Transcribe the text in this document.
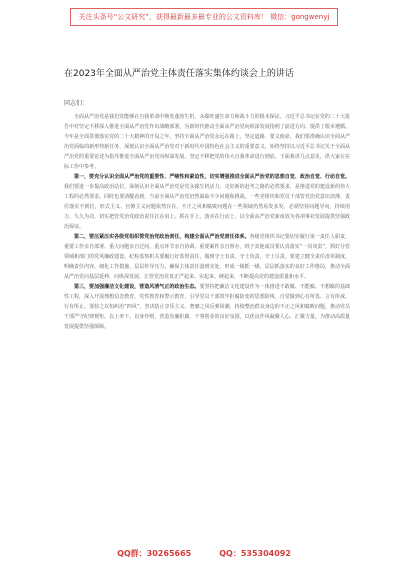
关注头条号“公文研究”，获得最新最多最专业的公文资料库！ 微信：gongwenyj
在2023年全面从严治党主体责任落实集体约谈会上的讲话
同志们：

全面从严治党是我们党能够在自我革命中焕发蓬勃生机，永葆旺盛生命力和战斗力的根本保证。习近平总书记在党的二十大报告中对坚定不移深入推进全面从严治党作出战略部署，为新时代推动全面从严治党向纵深发展指明了前进方向、提供了根本遵循。今年是全面贯彻落实党的二十大精神的开局之年，坚持全面从严治党永远在路上，坚定道路、要义使命，我们要准确认识全面从严治党面临的新形势新任务，深刻认识全面从严治党对于新时代中国特色社会主义的重要意义，始终坚持以习近平总书记关于全面从严治党的重要论述为指导推进全面从严治党向纵深发展，坚定不移把党的伟大自我革命进行到底。下面我讲几点意见，供大家在实际工作中参考。

第一，要充分认识全面从严治党的重要性、严峻性和紧迫性，切实增强推进全面从严治党的思想自觉、政治自觉、行动自觉。我们要进一步提高政治站位，深刻认识全面从严治党是党永葆生机活力、走好新的赶考之路的必然要求，是推进党的建设新的伟大工程的必然要求。同时也要清醒看到，当前全面从严治党仍然面临不少问题和挑战，一些党组织和党员干部管党治党意识淡薄，责任落实不到位，形式主义、官僚主义问题依然存在，不正之风和腐败问题在一些领域仍然易发多发，必须坚持问题导向，持续用力、久久为功，切实把管党治党政治责任扛在肩上、抓在手上、落实在行动上，以全面从严治党新成效为各项事业发展提供坚强政治保证。

第二，要压紧压实各级党组织管党治党政治责任，构建全面从严治党责任体系。各级党组织书记要切实履行第一责任人职责，重要工作亲自部署、重大问题亲自过问、重点环节亲自协调、重要案件亲自督办，班子其他成员要认真落实“一岗双责”，抓好分管领域和部门的党风廉政建设，纪检监察机关要履行好监督责任，做到守土有责、守土负责、守土尽责。要建立健全责任清单制度，明确责任内容、细化工作措施，层层传导压力，确保主体责任落到实处，形成一级抓一级、层层抓落实的良好工作格局，推动全面从严治党向基层延伸、向纵深发展，让管党治党真正严起来、实起来、硬起来，不断提高党的建设质量和水平。

第三，要加强廉洁文化建设，营造风清气正的政治生态。要坚持把廉洁文化建设作为一体推进不敢腐、不能腐、不想腐的基础性工程，深入开展理想信念教育、党性教育和警示教育，引导党员干部筑牢拒腐防变的思想防线，自觉做到心有所畏、言有所戒、行有所止。要持之以恒纠治“四风”，坚决防止享乐主义、奢靡之风反弹回潮，持续整治群众身边的不正之风和腐败问题，推动党员干部严守纪律规矩，以上率下、以身作则，营造崇廉拒腐、干事创业的良好氛围，以优良作风凝聚人心、汇聚力量，为推动高质量发展提供坚强保障。

QQ群：30265665	QQ：535304092
